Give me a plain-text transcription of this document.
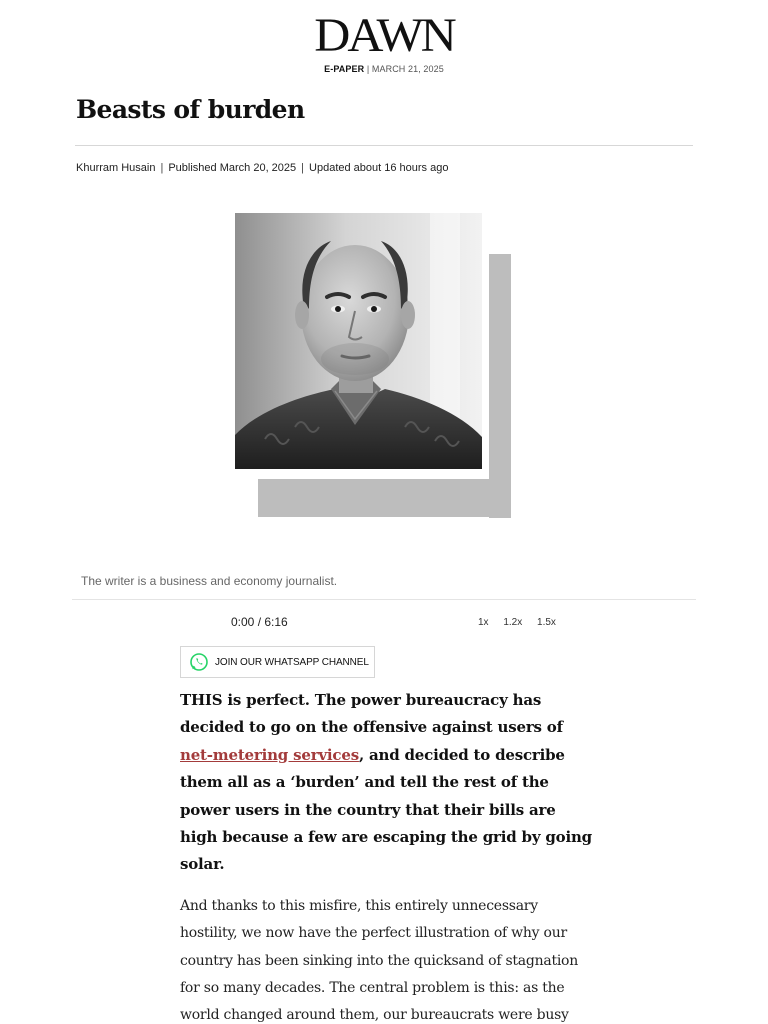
DAWN
E-PAPER | MARCH 21, 2025
Beasts of burden
Khurram Husain | Published March 20, 2025 | Updated about 16 hours ago

The writer is a business and economy journalist.

0:00 / 6:16	1x 1.2x 1.5x
JOIN OUR WHATSAPP CHANNEL

THIS is perfect. The power bureaucracy has decided to go on the offensive against users of net-metering services, and decided to describe them all as a ‘burden’ and tell the rest of the power users in the country that their bills are high because a few are escaping the grid by going solar.

And thanks to this misfire, this entirely unnecessary hostility, we now have the perfect illustration of why our country has been sinking into the quicksand of stagnation for so many decades. The central problem is this: as the world changed around them, our bureaucrats were busy
